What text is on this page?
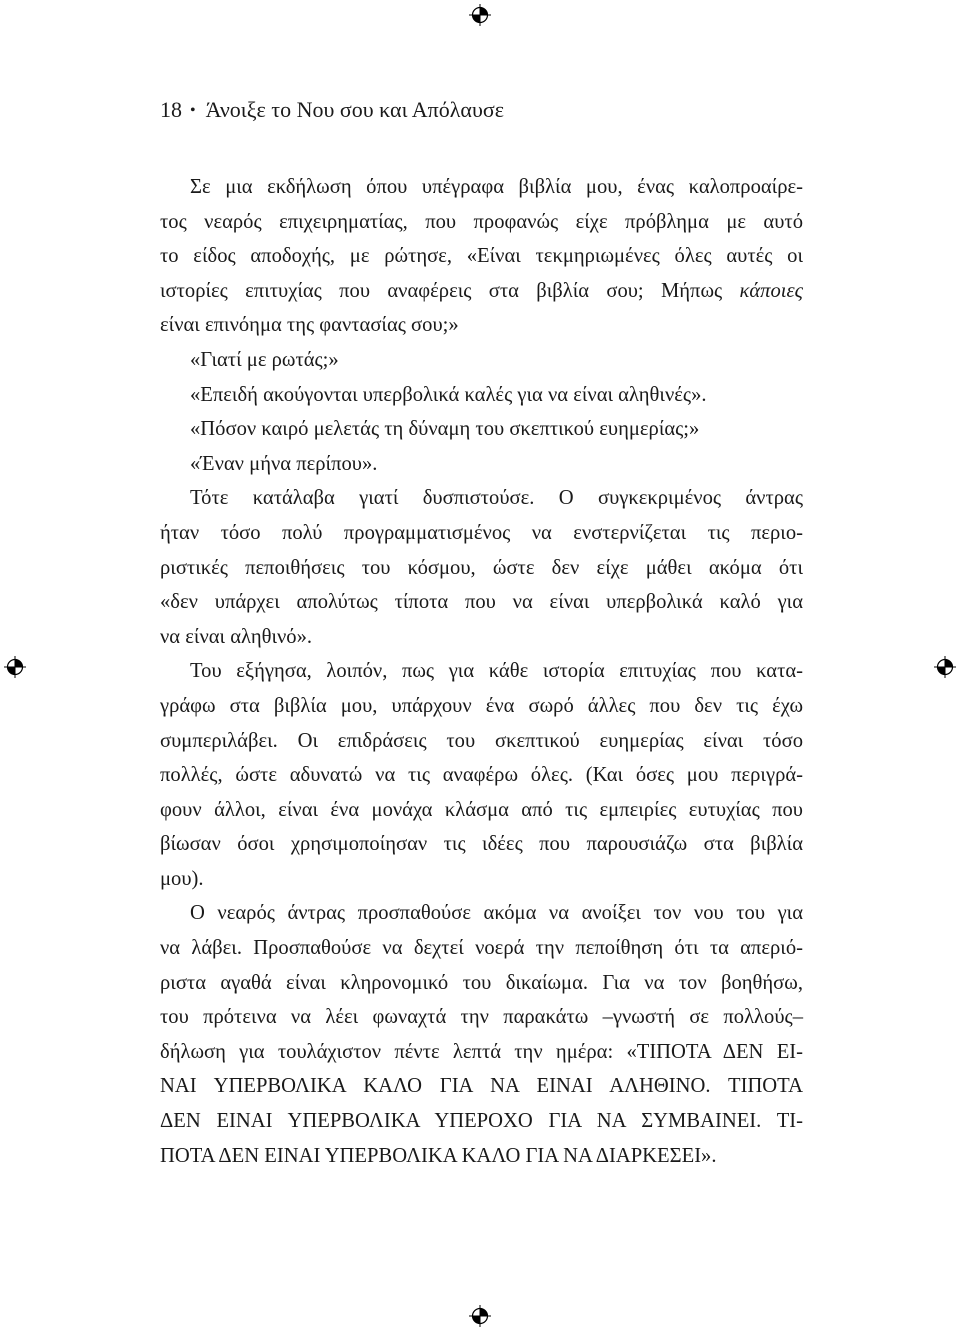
18 • Άνοιξε το Νου σου και Απόλαυσε
Σε μια εκδήλωση όπου υπέγραφα βιβλία μου, ένας καλοπροαίρε-
τος νεαρός επιχειρηματίας, που προφανώς είχε πρόβλημα με αυτό
το είδος αποδοχής, με ρώτησε, «Είναι τεκμηριωμένες όλες αυτές οι
ιστορίες επιτυχίας που αναφέρεις στα βιβλία σου; Μήπως κάποιες
είναι επινόημα της φαντασίας σου;»
«Γιατί με ρωτάς;»
«Επειδή ακούγονται υπερβολικά καλές για να είναι αληθινές».
«Πόσον καιρό μελετάς τη δύναμη του σκεπτικού ευημερίας;»
«Έναν μήνα περίπου».
Τότε κατάλαβα γιατί δυσπιστούσε. Ο συγκεκριμένος άντρας
ήταν τόσο πολύ προγραμματισμένος να ενστερνίζεται τις περιο-
ριστικές πεποιθήσεις του κόσμου, ώστε δεν είχε μάθει ακόμα ότι
«δεν υπάρχει απολύτως τίποτα που να είναι υπερβολικά καλό για
να είναι αληθινό».
Του εξήγησα, λοιπόν, πως για κάθε ιστορία επιτυχίας που κατα-
γράφω στα βιβλία μου, υπάρχουν ένα σωρό άλλες που δεν τις έχω
συμπεριλάβει. Οι επιδράσεις του σκεπτικού ευημερίας είναι τόσο
πολλές, ώστε αδυνατώ να τις αναφέρω όλες. (Και όσες μου περιγρά-
φουν άλλοι, είναι ένα μονάχα κλάσμα από τις εμπειρίες ευτυχίας που
βίωσαν όσοι χρησιμοποίησαν τις ιδέες που παρουσιάζω στα βιβλία
μου).
Ο νεαρός άντρας προσπαθούσε ακόμα να ανοίξει τον νου του για
να λάβει. Προσπαθούσε να δεχτεί νοερά την πεποίθηση ότι τα απεριό-
ριστα αγαθά είναι κληρονομικό του δικαίωμα. Για να τον βοηθήσω,
του πρότεινα να λέει φωναχτά την παρακάτω –γνωστή σε πολλούς–
δήλωση για τουλάχιστον πέντε λεπτά την ημέρα: «ΤΙΠΟΤΑ ΔΕΝ ΕΙ-
ΝΑΙ ΥΠΕΡΒΟΛΙΚΑ ΚΑΛΟ ΓΙΑ ΝΑ ΕΙΝΑΙ ΑΛΗΘΙΝΟ. ΤΙΠΟΤΑ
ΔΕΝ ΕΙΝΑΙ ΥΠΕΡΒΟΛΙΚΑ ΥΠΕΡΟΧΟ ΓΙΑ ΝΑ ΣΥΜΒΑΙΝΕΙ. ΤΙ-
ΠΟΤΑ ΔΕΝ ΕΙΝΑΙ ΥΠΕΡΒΟΛΙΚΑ ΚΑΛΟ ΓΙΑ ΝΑ ΔΙΑΡΚΕΣΕΙ».
